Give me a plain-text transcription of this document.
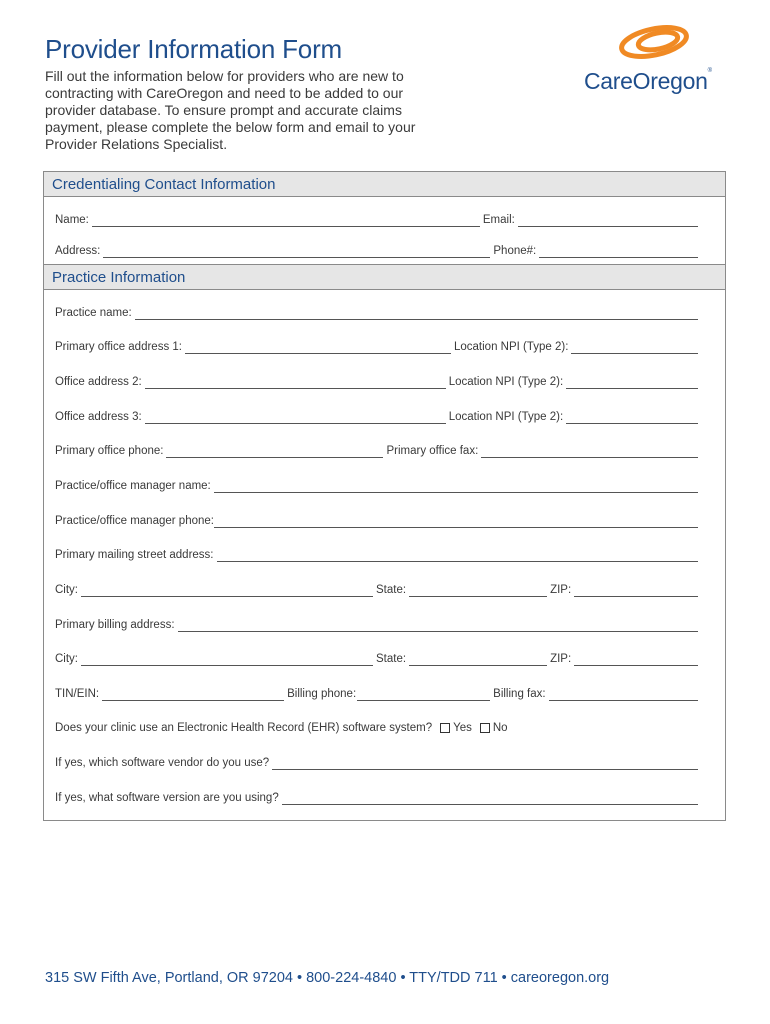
Provider Information Form
Fill out the information below for providers who are new to contracting with CareOregon and need to be added to our provider database. To ensure prompt and accurate claims payment, please complete the below form and email to your Provider Relations Specialist.
CareOregon®
Credentialing Contact Information
Name:	Email:
Address:	Phone#:
Practice Information
Practice name:
Primary office address 1:	Location NPI (Type 2):
Office address 2:	Location NPI (Type 2):
Office address 3:	Location NPI (Type 2):
Primary office phone:	Primary office fax:
Practice/office manager name:
Practice/office manager phone:
Primary mailing street address:
City:	State:	ZIP:
Primary billing address:
City:	State:	ZIP:
TIN/EIN:	Billing phone:	Billing fax:
Does your clinic use an Electronic Health Record (EHR) software system? Yes No
If yes, which software vendor do you use?
If yes, what software version are you using?
315 SW Fifth Ave, Portland, OR 97204 • 800-224-4840 • TTY/TDD 711 • careoregon.org
